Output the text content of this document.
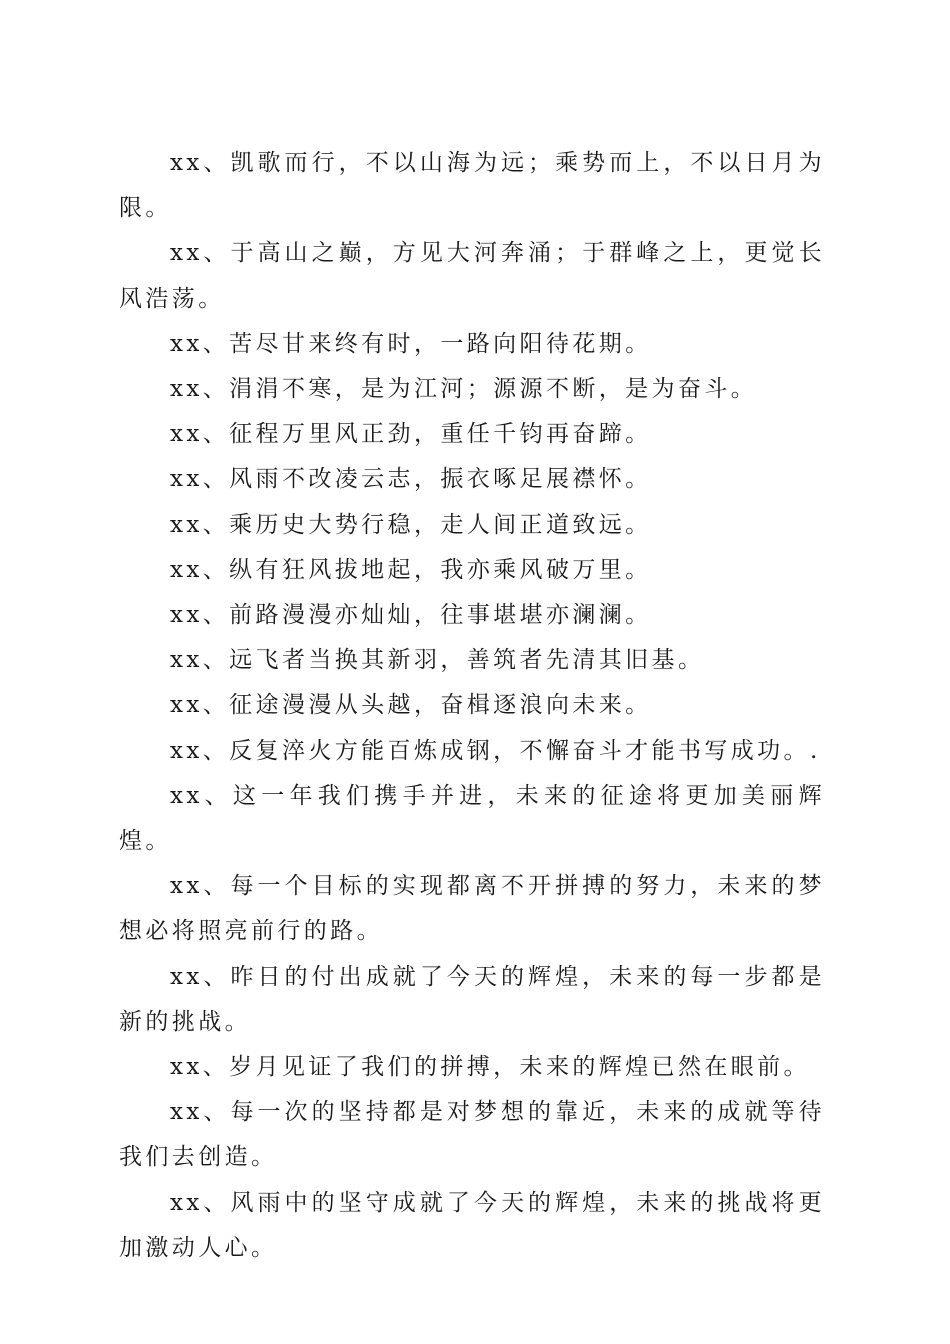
xx、凯歌而行，不以山海为远；乘势而上，不以日月为限。

xx、于高山之巅，方见大河奔涌；于群峰之上，更觉长风浩荡。

xx、苦尽甘来终有时，一路向阳待花期。

xx、涓涓不寒，是为江河；源源不断，是为奋斗。

xx、征程万里风正劲，重任千钧再奋蹄。

xx、风雨不改凌云志，振衣啄足展襟怀。

xx、乘历史大势行稳，走人间正道致远。

xx、纵有狂风拔地起，我亦乘风破万里。

xx、前路漫漫亦灿灿，往事堪堪亦澜澜。

xx、远飞者当换其新羽，善筑者先清其旧基。

xx、征途漫漫从头越，奋楫逐浪向未来。

xx、反复淬火方能百炼成钢，不懈奋斗才能书写成功。.

xx、这一年我们携手并进，未来的征途将更加美丽辉煌。

xx、每一个目标的实现都离不开拼搏的努力，未来的梦想必将照亮前行的路。

xx、昨日的付出成就了今天的辉煌，未来的每一步都是新的挑战。

xx、岁月见证了我们的拼搏，未来的辉煌已然在眼前。

xx、每一次的坚持都是对梦想的靠近，未来的成就等待我们去创造。

xx、风雨中的坚守成就了今天的辉煌，未来的挑战将更加激动人心。
